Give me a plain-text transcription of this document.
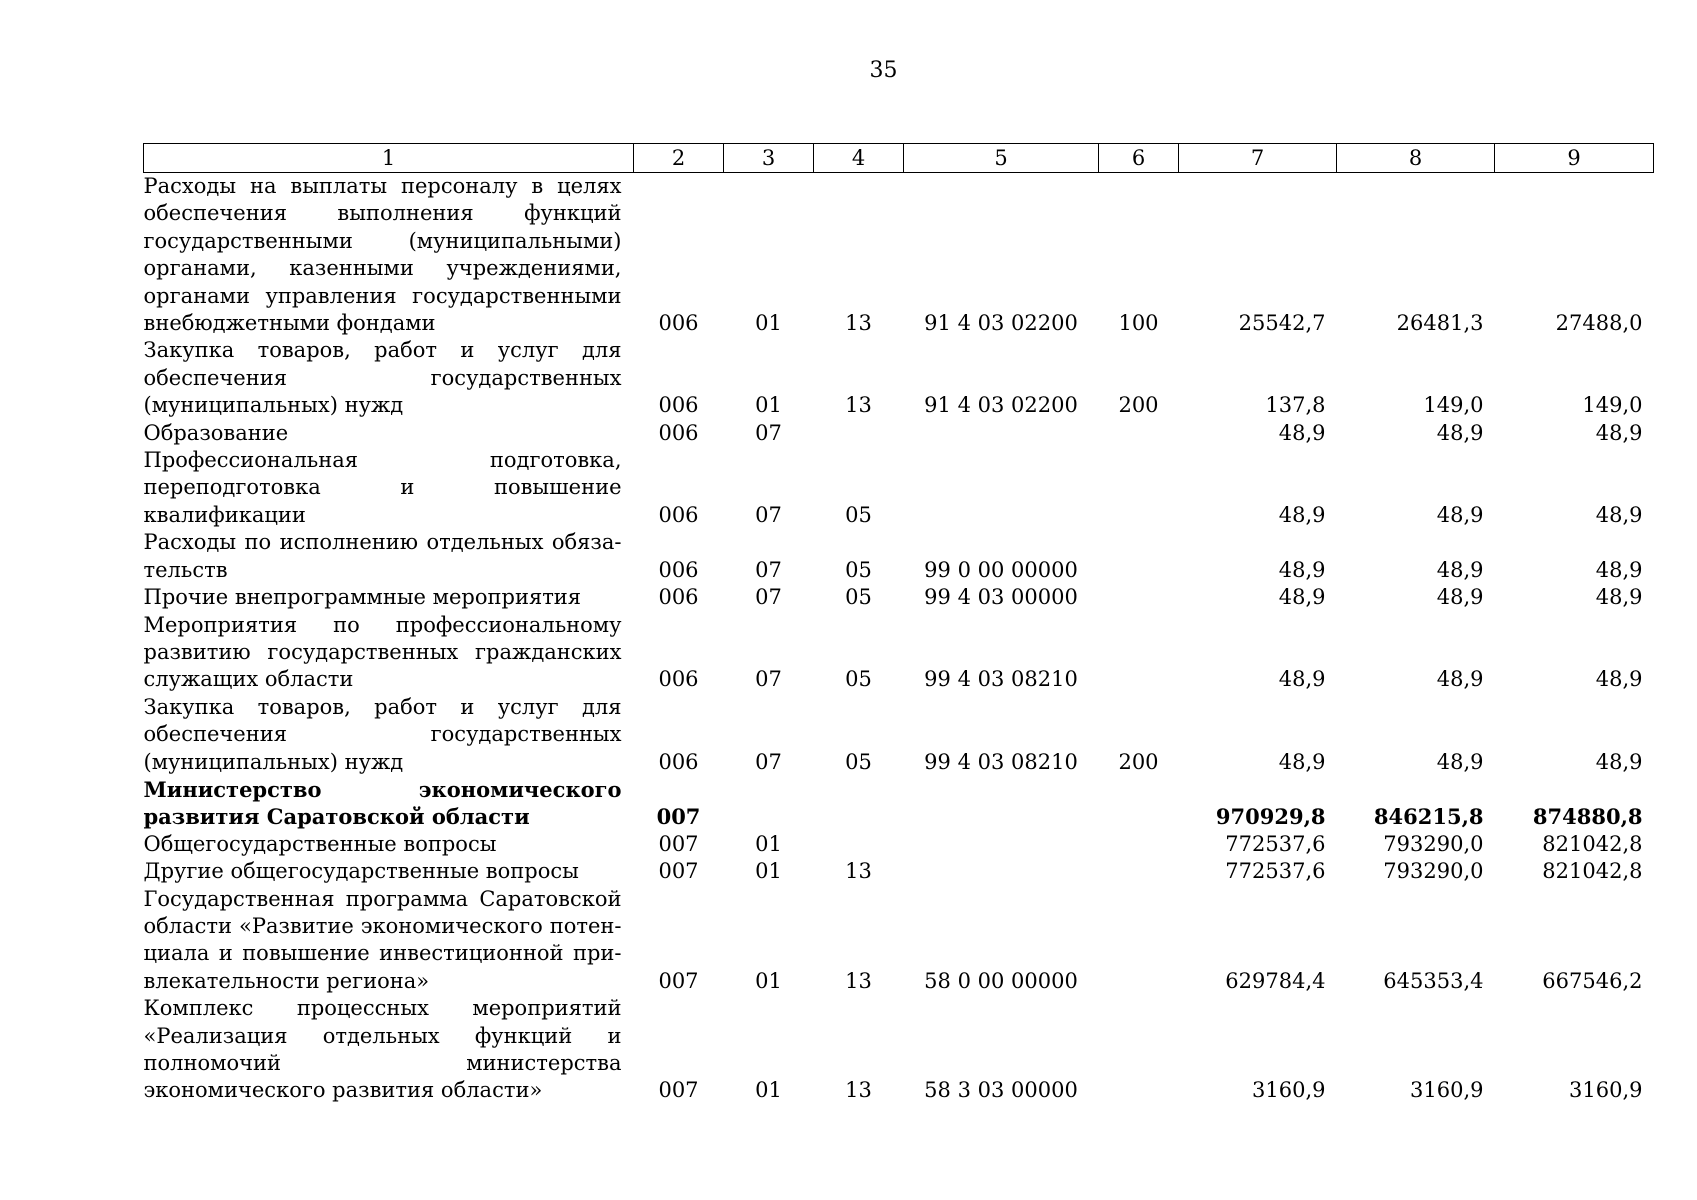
35
1	2	3	4	5	6	7	8	9
Расходы на выплаты персоналу в целях обеспечения выполнения функций государственными (муниципальными) органами, казенными учреждениями, органами управления государственными внебюджетными фондами	006	01	13	91 4 03 02200	100	25542,7	26481,3	27488,0
Закупка товаров, работ и услуг для обеспечения государственных (муниципальных) нужд	006	01	13	91 4 03 02200	200	137,8	149,0	149,0
Образование	006	07				48,9	48,9	48,9
Профессиональная подготовка, переподготовка и повышение квалификации	006	07	05			48,9	48,9	48,9
Расходы по исполнению отдельных обязательств	006	07	05	99 0 00 00000		48,9	48,9	48,9
Прочие внепрограммные мероприятия	006	07	05	99 4 03 00000		48,9	48,9	48,9
Мероприятия по профессиональному развитию государственных гражданских служащих области	006	07	05	99 4 03 08210		48,9	48,9	48,9
Закупка товаров, работ и услуг для обеспечения государственных (муниципальных) нужд	006	07	05	99 4 03 08210	200	48,9	48,9	48,9
Министерство экономического развития Саратовской области	007					970929,8	846215,8	874880,8
Общегосударственные вопросы	007	01				772537,6	793290,0	821042,8
Другие общегосударственные вопросы	007	01	13			772537,6	793290,0	821042,8
Государственная программа Саратовской области «Развитие экономического потенциала и повышение инвестиционной привлекательности региона»	007	01	13	58 0 00 00000		629784,4	645353,4	667546,2
Комплекс процессных мероприятий «Реализация отдельных функций и полномочий министерства экономического развития области»	007	01	13	58 3 03 00000		3160,9	3160,9	3160,9
